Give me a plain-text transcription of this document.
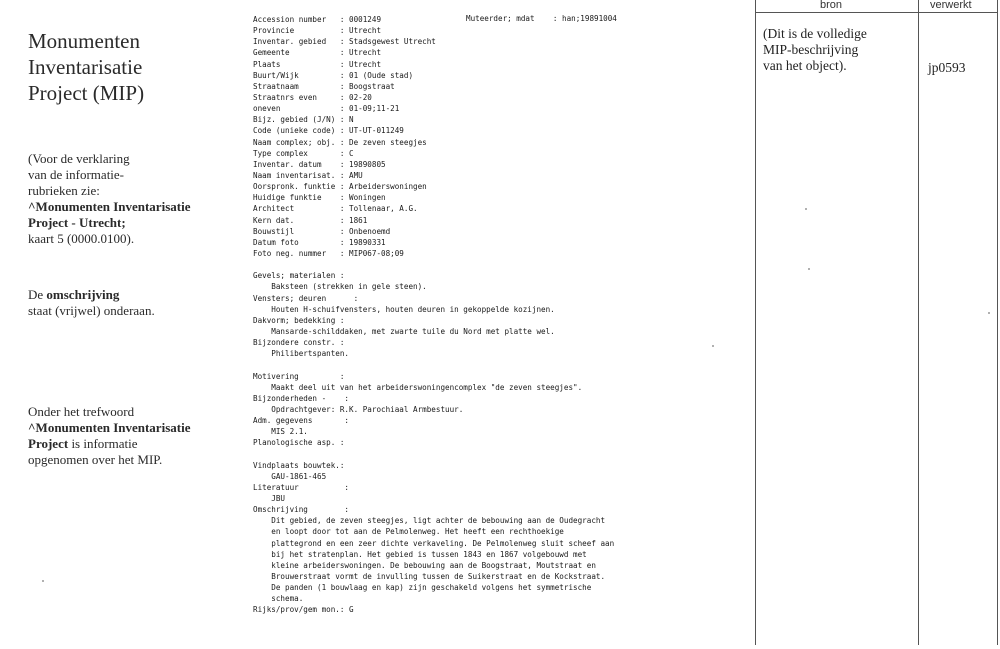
Monumenten
Inventarisatie
Project (MIP)
(Voor de verklaring
van de informatie-
rubrieken zie:
^Monumenten Inventarisatie
Project - Utrecht;
kaart 5 (0000.0100).
De omschrijving
staat (vrijwel) onderaan.
Onder het trefwoord
^Monumenten Inventarisatie
Project is informatie
opgenomen over het MIP.
Muteerder; mdat    : han;19891004
Accession number   : 0001249
Provincie          : Utrecht
Inventar. gebied   : Stadsgewest Utrecht
Gemeente           : Utrecht
Plaats             : Utrecht
Buurt/Wijk         : 01 (Oude stad)
Straatnaam         : Boogstraat
Straatnrs even     : 02-20
oneven             : 01-09;11-21
Bijz. gebied (J/N) : N
Code (unieke code) : UT-UT-011249
Naam complex; obj. : De zeven steegjes
Type complex       : C
Inventar. datum    : 19890805
Naam inventarisat. : AMU
Oorspronk. funktie : Arbeiderswoningen
Huidige funktie    : Woningen
Architect          : Tollenaar, A.G.
Kern dat.          : 1861
Bouwstijl          : Onbenoemd
Datum foto         : 19890331
Foto neg. nummer   : MIP067-08;09
Gevels; materialen :
Baksteen (strekken in gele steen).
Vensters; deuren      :
Houten H-schuifvensters, houten deuren in gekoppelde kozijnen.
Dakvorm; bedekking :
Mansarde-schilddaken, met zwarte tuile du Nord met platte wel.
Bijzondere constr. :
Philibertspanten.
Motivering         :
Maakt deel uit van het arbeiderswoningencomplex "de zeven steegjes".
Bijzonderheden -    :
Opdrachtgever: R.K. Parochiaal Armbestuur.
Adm. gegevens       :
MIS 2.1.
Planologische asp. :
Vindplaats bouwtek.:
GAU-1861-465
Literatuur          :
JBU
Omschrijving        :
Dit gebied, de zeven steegjes, ligt achter de bebouwing aan de Oudegracht
en loopt door tot aan de Pelmolenweg. Het heeft een rechthoekige
plattegrond en een zeer dichte verkaveling. De Pelmolenweg sluit scheef aan
bij het stratenplan. Het gebied is tussen 1843 en 1867 volgebouwd met
kleine arbeiderswoningen. De bebouwing aan de Boogstraat, Moutstraat en
Brouwerstraat vormt de invulling tussen de Suikerstraat en de Kockstraat.
De panden (1 bouwlaag en kap) zijn geschakeld volgens het symmetrische
schema.
Rijks/prov/gem mon.: G
bron	verwerkt
(Dit is de volledige
MIP-beschrijving
van het object).	jp0593
